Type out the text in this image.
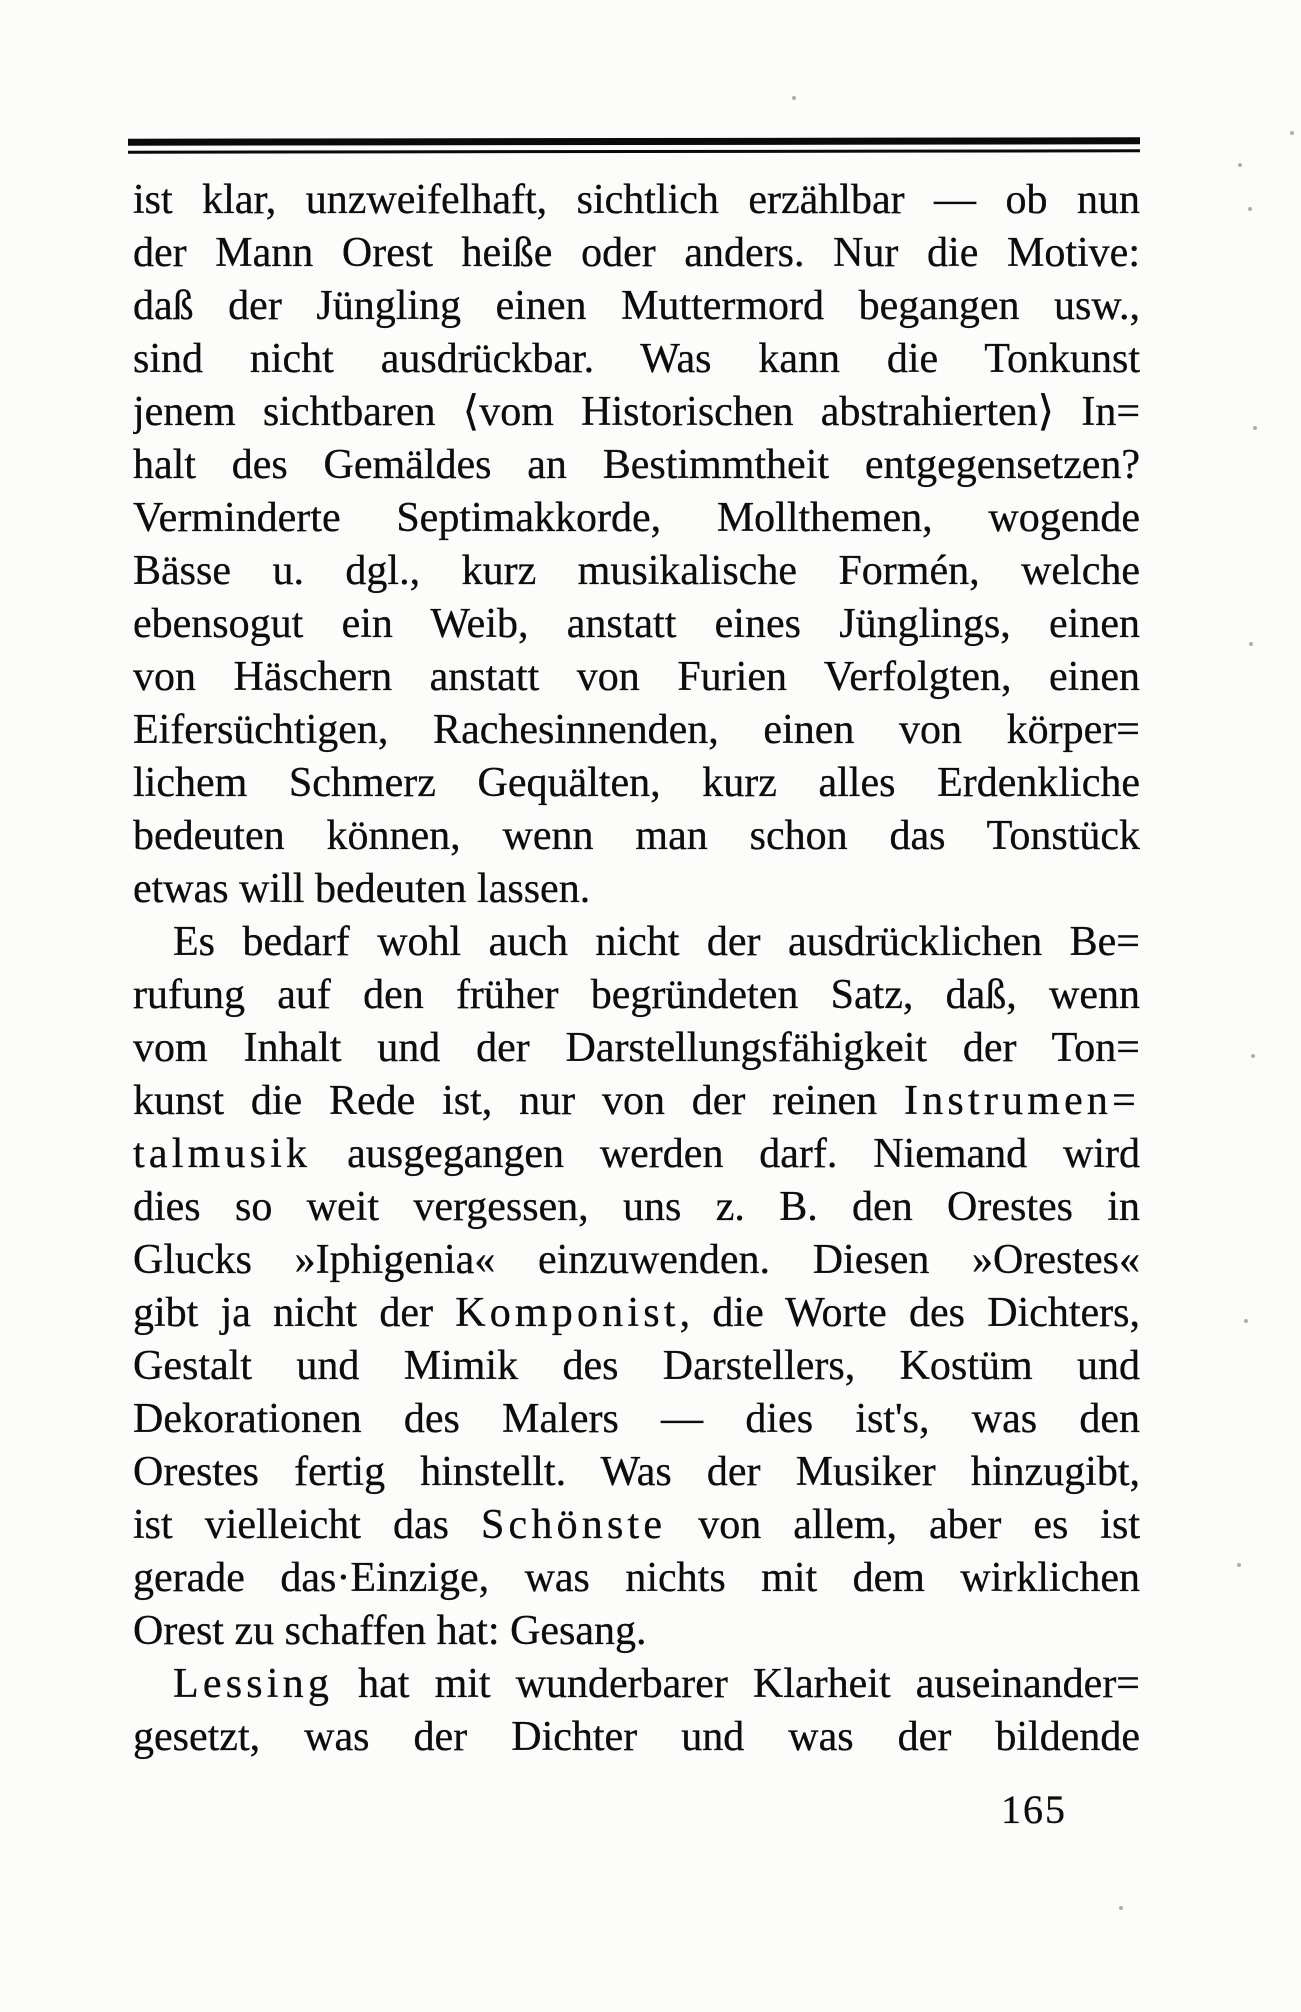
ist klar, unzweifelhaft, sichtlich erzählbar — ob nun
der Mann Orest heiße oder anders. Nur die Motive:
daß der Jüngling einen Muttermord begangen usw.,
sind nicht ausdrückbar. Was kann die Tonkunst
jenem sichtbaren ⟨vom Historischen abstrahierten⟩ In=
halt des Gemäldes an Bestimmtheit entgegensetzen?
Verminderte Septimakkorde, Mollthemen, wogende
Bässe u. dgl., kurz musikalische Formén, welche
ebensogut ein Weib, anstatt eines Jünglings, einen
von Häschern anstatt von Furien Verfolgten, einen
Eifersüchtigen, Rachesinnenden, einen von körper=
lichem Schmerz Gequälten, kurz alles Erdenkliche
bedeuten können, wenn man schon das Tonstück
etwas will bedeuten lassen.
Es bedarf wohl auch nicht der ausdrücklichen Be=
rufung auf den früher begründeten Satz, daß, wenn
vom Inhalt und der Darstellungsfähigkeit der Ton=
kunst die Rede ist, nur von der reinen Instrumen=
talmusik ausgegangen werden darf. Niemand wird
dies so weit vergessen, uns z. B. den Orestes in
Glucks »Iphigenia« einzuwenden. Diesen »Orestes«
gibt ja nicht der Komponist, die Worte des Dichters,
Gestalt und Mimik des Darstellers, Kostüm und
Dekorationen des Malers — dies ist's, was den
Orestes fertig hinstellt. Was der Musiker hinzugibt,
ist vielleicht das Schönste von allem, aber es ist
gerade das·Einzige, was nichts mit dem wirklichen
Orest zu schaffen hat: Gesang.
Lessing hat mit wunderbarer Klarheit auseinander=
gesetzt, was der Dichter und was der bildende
165
